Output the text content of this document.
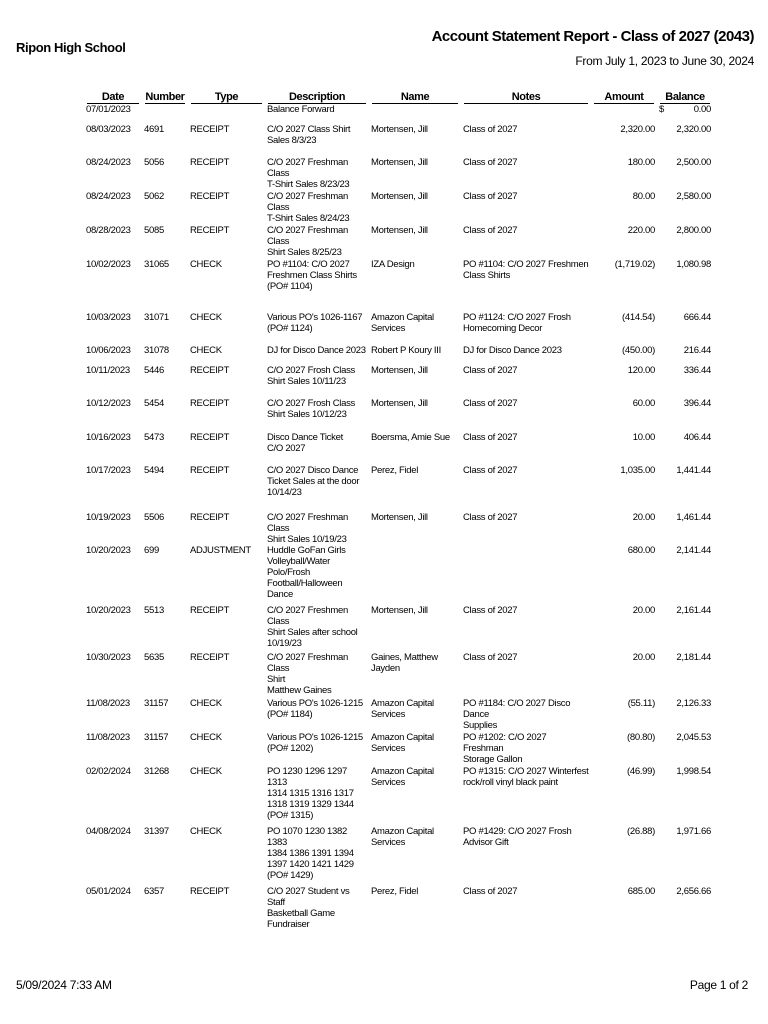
Ripon High School
Account Statement Report - Class of 2027 (2043)
From July 1, 2023 to June 30, 2024
Date	Number	Type	Description	Name	Notes	Amount	Balance

07/01/2023			Balance Forward				$ 0.00
08/03/2023	4691	RECEIPT	C/O 2027 Class Shirt
Sales 8/3/23	Mortensen, Jill	Class of 2027	2,320.00	2,320.00
08/24/2023	5056	RECEIPT	C/O 2027 Freshman Class
T-Shirt Sales 8/23/23	Mortensen, Jill	Class of 2027	180.00	2,500.00
08/24/2023	5062	RECEIPT	C/O 2027 Freshman Class
T-Shirt Sales 8/24/23	Mortensen, Jill	Class of 2027	80.00	2,580.00
08/28/2023	5085	RECEIPT	C/O 2027 Freshman Class
Shirt Sales 8/25/23	Mortensen, Jill	Class of 2027	220.00	2,800.00
10/02/2023	31065	CHECK	PO #1104: C/O 2027
Freshmen Class Shirts
(PO# 1104)	IZA Design	PO #1104: C/O 2027 Freshmen
Class Shirts	(1,719.02)	1,080.98
10/03/2023	31071	CHECK	Various PO's 1026-1167
(PO# 1124)	Amazon Capital
Services	PO #1124: C/O 2027 Frosh
Homecoming Decor	(414.54)	666.44
10/06/2023	31078	CHECK	DJ for Disco Dance 2023	Robert P Koury III	DJ for Disco Dance 2023	(450.00)	216.44
10/11/2023	5446	RECEIPT	C/O 2027 Frosh Class
Shirt Sales 10/11/23	Mortensen, Jill	Class of 2027	120.00	336.44
10/12/2023	5454	RECEIPT	C/O 2027 Frosh Class
Shirt Sales 10/12/23	Mortensen, Jill	Class of 2027	60.00	396.44
10/16/2023	5473	RECEIPT	Disco Dance Ticket
C/O 2027	Boersma, Amie Sue	Class of 2027	10.00	406.44
10/17/2023	5494	RECEIPT	C/O 2027 Disco Dance
Ticket Sales at the door
10/14/23	Perez, Fidel	Class of 2027	1,035.00	1,441.44
10/19/2023	5506	RECEIPT	C/O 2027 Freshman Class
Shirt Sales 10/19/23	Mortensen, Jill	Class of 2027	20.00	1,461.44
10/20/2023	699	ADJUSTMENT	Huddle GoFan Girls
Volleyball/Water
Polo/Frosh
Football/Halloween Dance			680.00	2,141.44
10/20/2023	5513	RECEIPT	C/O 2027 Freshmen Class
Shirt Sales after school
10/19/23	Mortensen, Jill	Class of 2027	20.00	2,161.44
10/30/2023	5635	RECEIPT	C/O 2027 Freshman Class
Shirt
Matthew Gaines	Gaines, Matthew
Jayden	Class of 2027	20.00	2,181.44
11/08/2023	31157	CHECK	Various PO's 1026-1215
(PO# 1184)	Amazon Capital
Services	PO #1184: C/O 2027 Disco Dance
Supplies	(55.11)	2,126.33
11/08/2023	31157	CHECK	Various PO's 1026-1215
(PO# 1202)	Amazon Capital
Services	PO #1202: C/O 2027 Freshman
Storage Gallon	(80.80)	2,045.53
02/02/2024	31268	CHECK	PO 1230 1296 1297 1313
1314 1315 1316 1317
1318 1319 1329 1344
(PO# 1315)	Amazon Capital
Services	PO #1315: C/O 2027 Winterfest
rock/roll vinyl black paint	(46.99)	1,998.54
04/08/2024	31397	CHECK	PO 1070 1230 1382 1383
1384 1386 1391 1394
1397 1420 1421 1429
(PO# 1429)	Amazon Capital
Services	PO #1429: C/O 2027 Frosh
Advisor Gift	(26.88)	1,971.66
05/01/2024	6357	RECEIPT	C/O 2027 Student vs Staff
Basketball Game
Fundraiser	Perez, Fidel	Class of 2027	685.00	2,656.66
5/09/2024 7:33 AM	Page 1 of 2
